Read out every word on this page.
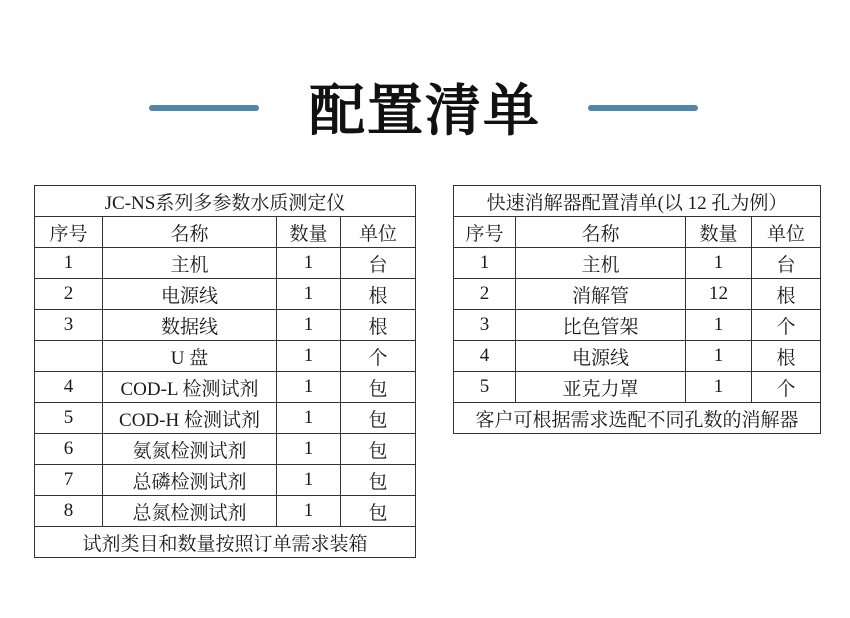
配置清单
JC-NS系列多参数水质测定仪			
序号	名称	数量	单位
1	主机	1	台
2	电源线	1	根
3	数据线	1	根
	U 盘	1	个
4	COD-L 检测试剂	1	包
5	COD-H 检测试剂	1	包
6	氨氮检测试剂	1	包
7	总磷检测试剂	1	包
8	总氮检测试剂	1	包
试剂类目和数量按照订单需求装箱			
快速消解器配置清单(以 12 孔为例）			
序号	名称	数量	单位
1	主机	1	台
2	消解管	12	根
3	比色管架	1	个
4	电源线	1	根
5	亚克力罩	1	个
客户可根据需求选配不同孔数的消解器			
